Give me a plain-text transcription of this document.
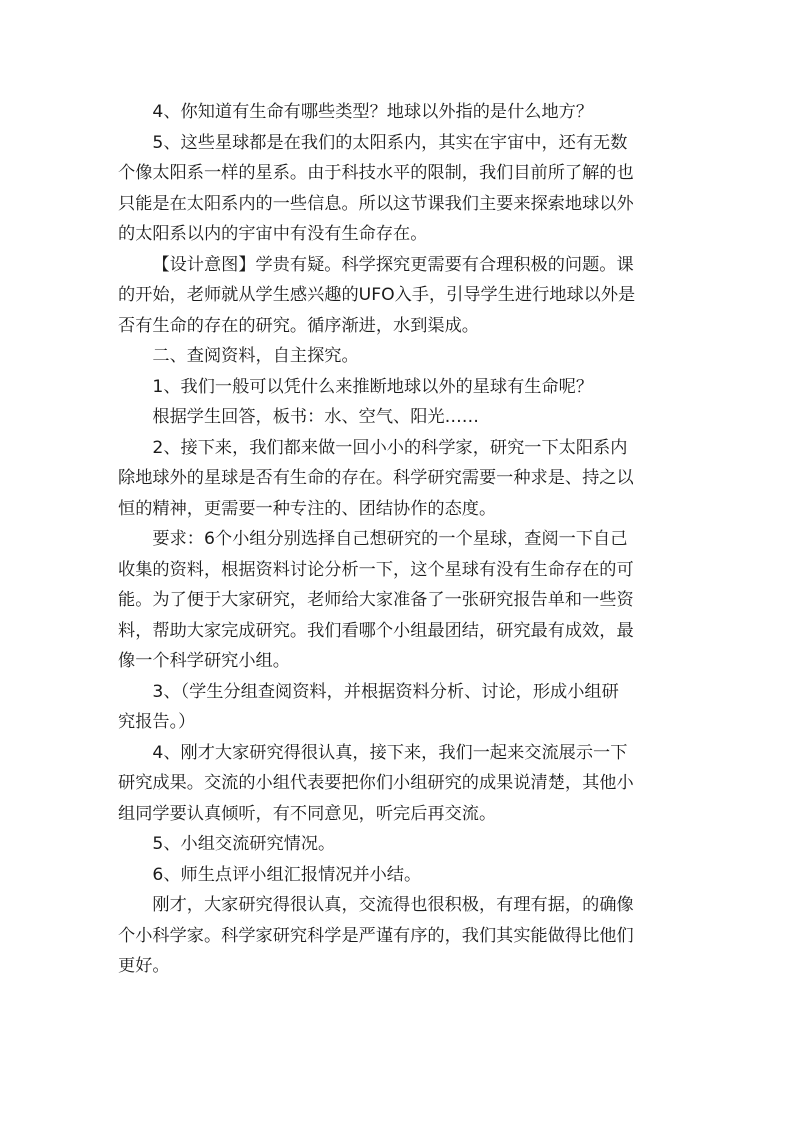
4、你知道有生命有哪些类型？地球以外指的是什么地方？
5、这些星球都是在我们的太阳系内，其实在宇宙中，还有无数
个像太阳系一样的星系。由于科技水平的限制，我们目前所了解的也
只能是在太阳系内的一些信息。所以这节课我们主要来探索地球以外
的太阳系以内的宇宙中有没有生命存在。
【设计意图】学贵有疑。科学探究更需要有合理积极的问题。课
的开始，老师就从学生感兴趣的UFO入手，引导学生进行地球以外是
否有生命的存在的研究。循序渐进，水到渠成。
二、查阅资料，自主探究。
1、我们一般可以凭什么来推断地球以外的星球有生命呢？
根据学生回答，板书：水、空气、阳光……
2、接下来，我们都来做一回小小的科学家，研究一下太阳系内
除地球外的星球是否有生命的存在。科学研究需要一种求是、持之以
恒的精神，更需要一种专注的、团结协作的态度。
要求：6个小组分别选择自己想研究的一个星球，查阅一下自己
收集的资料，根据资料讨论分析一下，这个星球有没有生命存在的可
能。为了便于大家研究，老师给大家准备了一张研究报告单和一些资
料，帮助大家完成研究。我们看哪个小组最团结，研究最有成效，最
像一个科学研究小组。
3、（学生分组查阅资料，并根据资料分析、讨论，形成小组研
究报告。）
4、刚才大家研究得很认真，接下来，我们一起来交流展示一下
研究成果。交流的小组代表要把你们小组研究的成果说清楚，其他小
组同学要认真倾听，有不同意见，听完后再交流。
5、小组交流研究情况。
6、师生点评小组汇报情况并小结。
刚才，大家研究得很认真，交流得也很积极，有理有据，的确像
个小科学家。科学家研究科学是严谨有序的，我们其实能做得比他们
更好。
